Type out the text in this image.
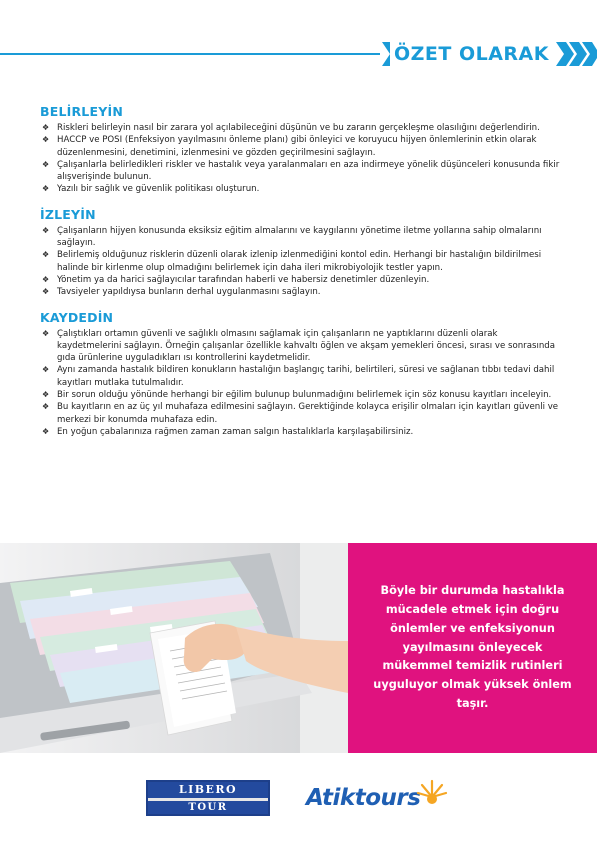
ÖZET OLARAK
BELİRLEYİN
❖ Riskleri belirleyin nasıl bir zarara yol açılabileceğini düşünün ve bu zararın gerçekleşme olasılığını değerlendirin.
❖ HACCP ve POSI (Enfeksiyon yayılmasını önleme planı) gibi önleyici ve koruyucu hijyen önlemlerinin etkin olarak düzenlenmesini, denetimini, izlenmesini ve gözden geçirilmesini sağlayın.
❖ Çalışanlarla belirledikleri riskler ve hastalık veya yaralanmaları en aza indirmeye yönelik düşünceleri konusunda fikir alışverişinde bulunun.
❖ Yazılı bir sağlık ve güvenlik politikası oluşturun.
İZLEYİN
❖ Çalışanların hijyen konusunda eksiksiz eğitim almalarını ve kaygılarını yönetime iletme yollarına sahip olmalarını sağlayın.
❖ Belirlemiş olduğunuz risklerin düzenli olarak izlenip izlenmediğini kontol edin. Herhangi bir hastalığın bildirilmesi halinde bir kirlenme olup olmadığını belirlemek için daha ileri mikrobiyolojik testler yapın.
❖ Yönetim ya da harici sağlayıcılar tarafından haberli ve habersiz denetimler düzenleyin.
❖ Tavsiyeler yapıldıysa bunların derhal uygulanmasını sağlayın.
KAYDEDİN
❖ Çalıştıkları ortamın güvenli ve sağlıklı olmasını sağlamak için çalışanların ne yaptıklarını düzenli olarak kaydetmelerini sağlayın. Örneğin çalışanlar özellikle kahvaltı öğlen ve akşam yemekleri öncesi, sırası ve sonrasında gıda ürünlerine uyguladıkları ısı kontrollerini kaydetmelidir.
❖ Aynı zamanda hastalık bildiren konukların hastalığın başlangıç tarihi, belirtileri, süresi ve sağlanan tıbbı tedavi dahil kayıtları mutlaka tutulmalıdır.
❖ Bir sorun olduğu yönünde herhangi bir eğilim bulunup bulunmadığını belirlemek için söz konusu kayıtları inceleyin.
❖ Bu kayıtların en az üç yıl muhafaza edilmesini sağlayın. Gerektiğinde kolayca erişilir olmaları için kayıtları güvenli ve merkezi bir konumda muhafaza edin.
❖ En yoğun çabalarınıza rağmen zaman zaman salgın hastalıklarla karşılaşabilirsiniz.
Böyle bir durumda hastalıkla mücadele etmek için doğru önlemler ve enfeksiyonun yayılmasını önleyecek mükemmel temizlik rutinleri uyguluyor olmak yüksek önlem taşır.
LIBERO
TOUR	Atiktours
